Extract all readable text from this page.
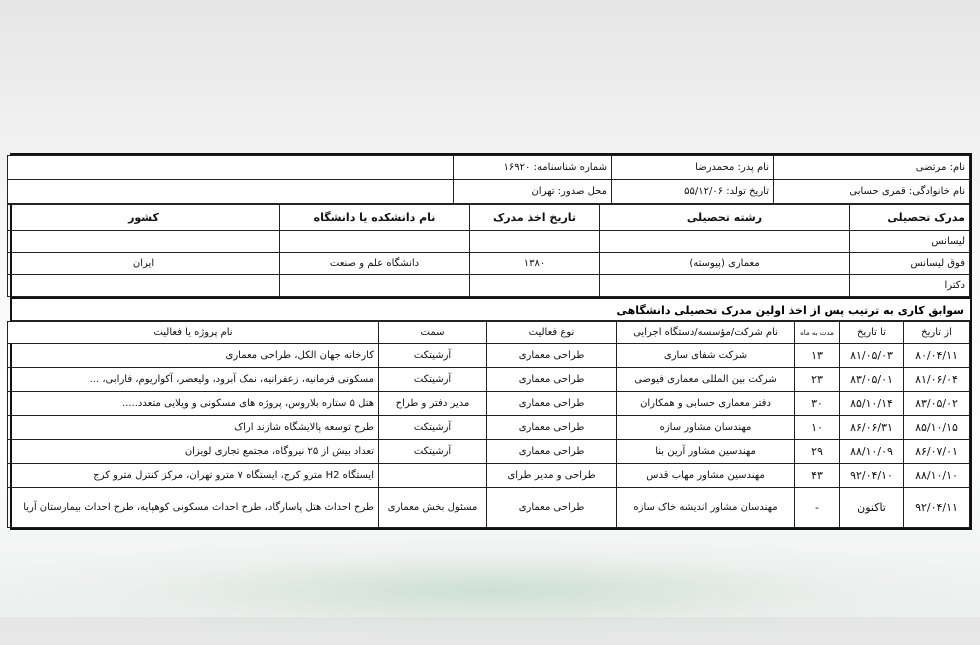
نام: مرتضی	نام پدر: محمدرضا	شماره شناسنامه: ۱۶۹۲۰	
نام خانوادگی: قمری حسابی	تاریخ تولد: ۵۵/۱۲/۰۶	محل صدور: تهران	
مدرک تحصیلی	رشته تحصیلی	تاریخ اخذ مدرک	نام دانشکده یا دانشگاه	کشور
لیسانس				
فوق لیسانس	معماری (پیوسته)	۱۳۸۰	دانشگاه علم و صنعت	ایران
دکترا				
سوابق کاری به ترتیب پس از اخذ اولین مدرک تحصیلی دانشگاهی
از تاریخ	تا تاریخ	مدت به ماه	نام شرکت/مؤسسه/دستگاه اجرایی	نوع فعالیت	سمت	نام پروژه یا فعالیت
۸۰/۰۴/۱۱	۸۱/۰۵/۰۳	۱۳	شرکت شفای ساری	طراحی معماری	آرشیتکت	کارخانه جهان الکل، طراحی معماری
۸۱/۰۶/۰۴	۸۳/۰۵/۰۱	۲۳	شرکت بین المللی معماری فیوضی	طراحی معماری	آرشیتکت	مسکونی فرمانیه، زعفرانیه، نمک آبرود، ولیعصر، آکواریوم، فارابی، ...
۸۳/۰۵/۰۲	۸۵/۱۰/۱۴	۳۰	دفتر معماری حسابی و همکاران	طراحی معماری	مدیر دفتر و طراح	هتل ۵ ستاره بلاروس، پروژه های مسکونی و ویلایی متعدد.....
۸۵/۱۰/۱۵	۸۶/۰۶/۳۱	۱۰	مهندسان مشاور سازه	طراحی معماری	آرشیتکت	طرح توسعه پالایشگاه شازند اراک
۸۶/۰۷/۰۱	۸۸/۱۰/۰۹	۲۹	مهندسین مشاور آرین بنا	طراحی معماری	آرشیتکت	تعداد بیش از ۲۵ نیروگاه، مجتمع تجاری لویزان
۸۸/۱۰/۱۰	۹۲/۰۴/۱۰	۴۳	مهندسین مشاور مهاب قدس	طراحی و مدیر طرای		ایستگاه H2 مترو کرج، ایستگاه ۷ مترو تهران، مرکز کنترل مترو کرج
۹۲/۰۴/۱۱	تاکنون	-	مهندسان مشاور اندیشه خاک سازه	طراحی معماری	مسئول بخش معماری	طرح احداث هتل پاسارگاد، طرح احداث مسکونی کوهپایه، طرح احداث بیمارستان آریا
